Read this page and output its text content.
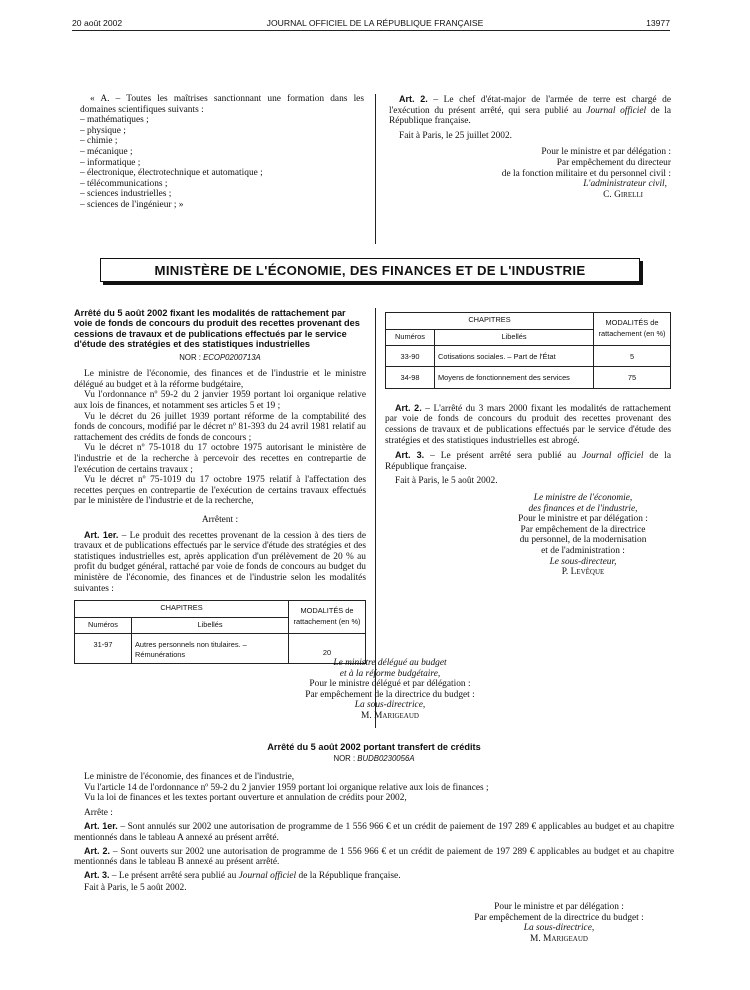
20 août 2002	JOURNAL OFFICIEL DE LA RÉPUBLIQUE FRANÇAISE	13977

« A. – Toutes les maîtrises sanctionnant une formation dans les domaines scientifiques suivants :

– mathématiques ;
– physique ;
– chimie ;
– mécanique ;
– informatique ;
– électronique, électrotechnique et automatique ;
– télécommunications ;
– sciences industrielles ;
– sciences de l'ingénieur ; »

Art. 2. – Le chef d'état-major de l'armée de terre est chargé de l'exécution du présent arrêté, qui sera publié au Journal officiel de la République française.

Fait à Paris, le 25 juillet 2002.

Pour le ministre et par délégation :
Par empêchement du directeur
de la fonction militaire et du personnel civil :
L'administrateur civil,
C. Girelli
MINISTÈRE DE L'ÉCONOMIE, DES FINANCES ET DE L'INDUSTRIE

Arrêté du 5 août 2002 fixant les modalités de rattachement par voie de fonds de concours du produit des recettes provenant des cessions de travaux et de publications effectués par le service d'étude des stratégies et des statistiques industrielles

NOR : ECOP0200713A

Le ministre de l'économie, des finances et de l'industrie et le ministre délégué au budget et à la réforme budgétaire,

Vu l'ordonnance nº 59-2 du 2 janvier 1959 portant loi organique relative aux lois de finances, et notamment ses articles 5 et 19 ;

Vu le décret du 26 juillet 1939 portant réforme de la comptabilité des fonds de concours, modifié par le décret nº 81-393 du 24 avril 1981 relatif au rattachement des crédits de fonds de concours ;

Vu le décret nº 75-1018 du 17 octobre 1975 autorisant le ministère de l'industrie et de la recherche à percevoir des recettes en contrepartie de l'exécution de certains travaux ;

Vu le décret nº 75-1019 du 17 octobre 1975 relatif à l'affectation des recettes perçues en contrepartie de l'exécution de certains travaux effectués par le ministère de l'industrie et de la recherche,

Arrêtent :

Art. 1er. – Le produit des recettes provenant de la cession à des tiers de travaux et de publications effectués par le service d'étude des stratégies et des statistiques industrielles est, après application d'un prélèvement de 20 % au profit du budget général, rattaché par voie de fonds de concours au budget du ministère de l'économie, des finances et de l'industrie selon les modalités suivantes :

CHAPITRES		MODALITÉS de rattachement (en %)
Numéros	Libellés	
31-97	Autres personnels non titulaires. – Rémunérations	20
CHAPITRES		MODALITÉS de rattachement (en %)
Numéros	Libellés	
33-90	Cotisations sociales. – Part de l'État	5
34-98	Moyens de fonctionnement des services	75

Art. 2. – L'arrêté du 3 mars 2000 fixant les modalités de rattachement par voie de fonds de concours du produit des recettes provenant des cessions de travaux et de publications effectués par le service d'étude des stratégies et des statistiques industrielles est abrogé.

Art. 3. – Le présent arrêté sera publié au Journal officiel de la République française.

Fait à Paris, le 5 août 2002.

Le ministre de l'économie,
des finances et de l'industrie,
Pour le ministre et par délégation :
Par empêchement de la directrice
du personnel, de la modernisation
et de l'administration :
Le sous-directeur,
P. Levêque
Le ministre délégué au budget
et à la réforme budgétaire,
Pour le ministre délégué et par délégation :
Par empêchement de la directrice du budget :
La sous-directrice,
M. Marigeaud

Arrêté du 5 août 2002 portant transfert de crédits

NOR : BUDB0230056A

Le ministre de l'économie, des finances et de l'industrie,

Vu l'article 14 de l'ordonnance nº 59-2 du 2 janvier 1959 portant loi organique relative aux lois de finances ;

Vu la loi de finances et les textes portant ouverture et annulation de crédits pour 2002,

Arrête :

Art. 1er. – Sont annulés sur 2002 une autorisation de programme de 1 556 966 € et un crédit de paiement de 197 289 € applicables au budget et au chapitre mentionnés dans le tableau A annexé au présent arrêté.

Art. 2. – Sont ouverts sur 2002 une autorisation de programme de 1 556 966 € et un crédit de paiement de 197 289 € applicables au budget et au chapitre mentionnés dans le tableau B annexé au présent arrêté.

Art. 3. – Le présent arrêté sera publié au Journal officiel de la République française.

Fait à Paris, le 5 août 2002.

Pour le ministre et par délégation :
Par empêchement de la directrice du budget :
La sous-directrice,
M. Marigeaud
